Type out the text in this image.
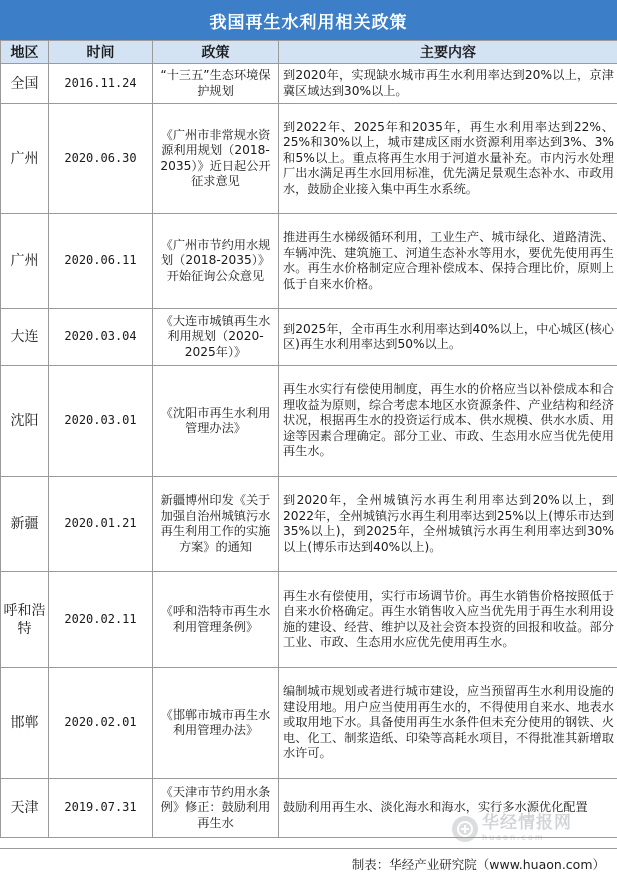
我国再生水利用相关政策
地区	时间	政策	主要内容
全国	2016.11.24	“十三五”生态环境保护规划	到2020年，实现缺水城市再生水利用率达到20%以上，京津冀区域达到30%以上。
广州	2020.06.30	《广州市非常规水资源利用规划（2018-2035）》近日起公开征求意见	到2022年、2025年和2035年，再生水利用率达到22%、25%和30%以上，城市建成区雨水资源利用率达到3%、3%和5%以上。重点将再生水用于河道水量补充。市内污水处理厂出水满足再生水回用标准，优先满足景观生态补水、市政用水，鼓励企业接入集中再生水系统。
广州	2020.06.11	《广州市节约用水规划（2018-2035）》开始征询公众意见	推进再生水梯级循环利用，工业生产、城市绿化、道路清洗、车辆冲洗、建筑施工、河道生态补水等用水，要优先使用再生水。再生水价格制定应合理补偿成本、保持合理比价，原则上低于自来水价格。
大连	2020.03.04	《大连市城镇再生水利用规划（2020-2025年）》	到2025年，全市再生水利用率达到40%以上，中心城区(核心区)再生水利用率达到50%以上。
沈阳	2020.03.01	《沈阳市再生水利用管理办法》	再生水实行有偿使用制度，再生水的价格应当以补偿成本和合理收益为原则，综合考虑本地区水资源条件、产业结构和经济状况，根据再生水的投资运行成本、供水规模、供水水质、用途等因素合理确定。部分工业、市政、生态用水应当优先使用再生水。
新疆	2020.01.21	新疆博州印发《关于加强自治州城镇污水再生利用工作的实施方案》的通知	到2020年，全州城镇污水再生利用率达到20%以上，到2022年，全州城镇污水再生利用率达到25%以上(博乐市达到35%以上)，到2025年，全州城镇污水再生利用率达到30%以上(博乐市达到40%以上)。
呼和浩特	2020.02.11	《呼和浩特市再生水利用管理条例》	再生水有偿使用，实行市场调节价。再生水销售价格按照低于自来水价格确定。再生水销售收入应当优先用于再生水利用设施的建设、经营、维护以及社会资本投资的回报和收益。部分工业、市政、生态用水应优先使用再生水。
邯郸	2020.02.01	《邯郸市城市再生水利用管理办法》	编制城市规划或者进行城市建设，应当预留再生水利用设施的建设用地。用户应当使用再生水的，不得使用自来水、地表水或取用地下水。具备使用再生水条件但未充分使用的钢铁、火电、化工、制浆造纸、印染等高耗水项目，不得批准其新增取水许可。
天津	2019.07.31	《天津市节约用水条例》修正：鼓励利用再生水	鼓励利用再生水、淡化海水和海水，实行多水源优化配置
华经情报网
huaon.com
制表：华经产业研究院（www.huaon.com）
